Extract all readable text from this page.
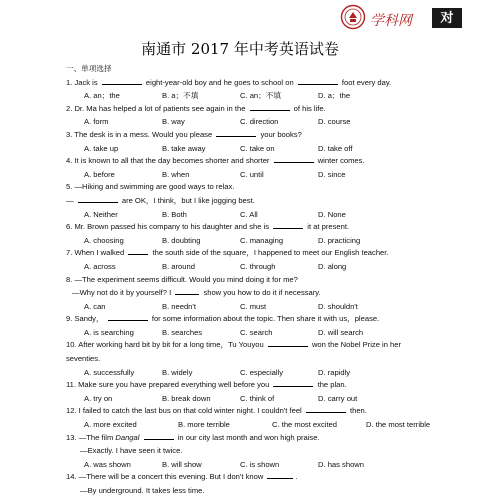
学科网	对
南通市 2017 年中考英语试卷
一、单项选择
1. Jack is	eight-year-old boy and he goes to school on	foot every day.
A. an；the	B. a；不填	C. an；不填	D. a；the
2. Dr. Ma has helped a lot of patients see again in the	of his life.
A. form	B. way	C. direction	D. course
3. The desk is in a mess. Would you please	your books?
A. take up	B. take away	C. take on	D. take off
4. It is known to all that the day becomes shorter and shorter	winter comes.
A. before	B. when	C. until	D. since
5. —Hiking and swimming are good ways to relax.
—	are OK，I think，but I like jogging best.
A. Neither	B. Both	C. All	D. None
6. Mr. Brown passed his company to his daughter and she is	it at present.
A. choosing	B. doubting	C. managing	D. practicing
7. When I walked	the south side of the square，I happened to meet our English teacher.
A. across	B. around	C. through	D. along
8. —The experiment seems difficult. Would you mind doing it for me?
—Why not do it by yourself? I	show you how to do it if necessary.
A. can	B. needn't	C. must	D. shouldn't
9. Sandy，	for some information about the topic. Then share it with us，please.
A. is searching	B. searches	C. search	D. will search
10. After working hard bit by bit for a long time，Tu Youyou	won the Nobel Prize in her
seventies.
A. successfully	B. widely	C. especially	D. rapidly
11. Make sure you have prepared everything well before you	the plan.
A. try on	B. break down	C. think of	D. carry out
12. I failed to catch the last bus on that cold winter night. I couldn't feel	then.
A. more excited	B. more terrible	C. the most excited	D. the most terrible
13. —The film Dangal	in our city last month and won high praise.
—Exactly. I have seen it twice.
A. was shown	B. will show	C. is shown	D. has shown
14. —There will be a concert this evening. But I don't know	.
—By underground. It takes less time.
